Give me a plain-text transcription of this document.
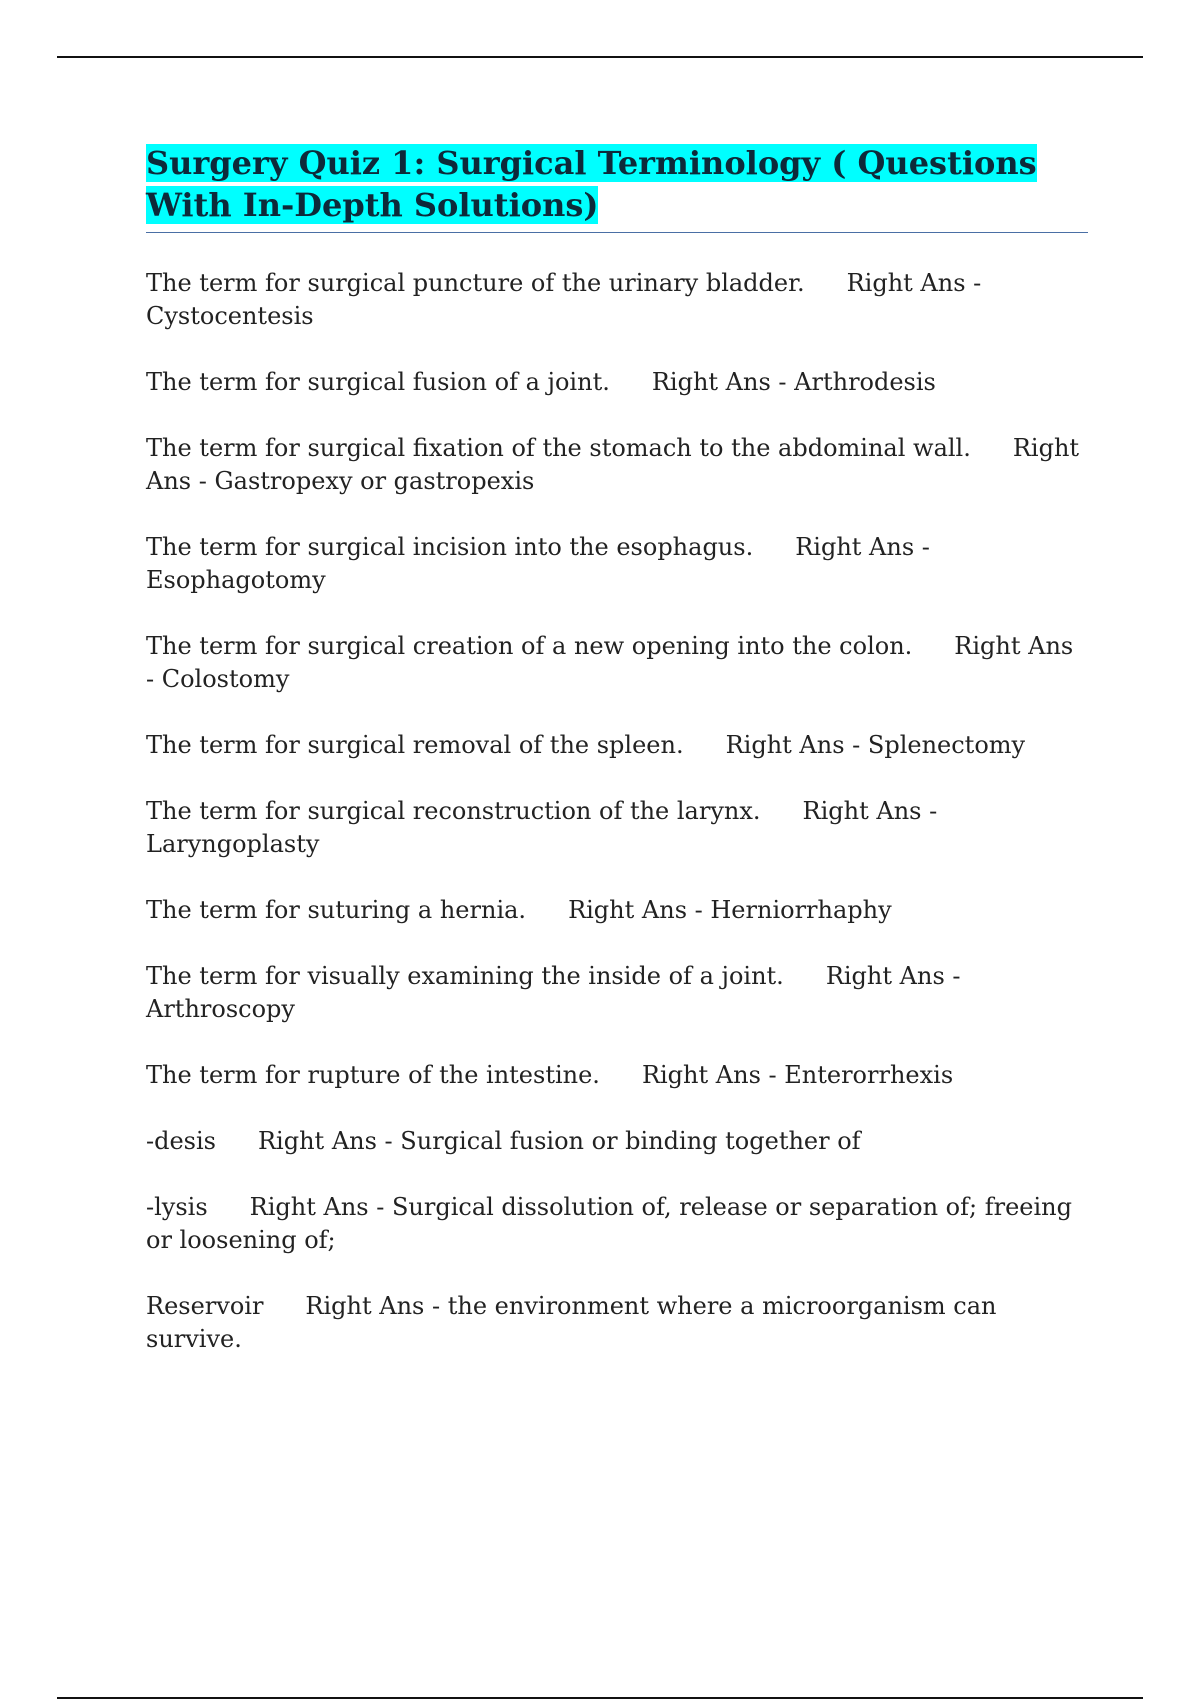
Surgery Quiz 1: Surgical Terminology ( Questions With In-Depth Solutions)
The term for surgical puncture of the urinary bladder. Right Ans - Cystocentesis
The term for surgical fusion of a joint. Right Ans - Arthrodesis
The term for surgical fixation of the stomach to the abdominal wall. Right Ans - Gastropexy or gastropexis
The term for surgical incision into the esophagus. Right Ans - Esophagotomy
The term for surgical creation of a new opening into the colon. Right Ans - Colostomy
The term for surgical removal of the spleen. Right Ans - Splenectomy
The term for surgical reconstruction of the larynx. Right Ans - Laryngoplasty
The term for suturing a hernia. Right Ans - Herniorrhaphy
The term for visually examining the inside of a joint. Right Ans - Arthroscopy
The term for rupture of the intestine. Right Ans - Enterorrhexis
-desis Right Ans - Surgical fusion or binding together of
-lysis Right Ans - Surgical dissolution of, release or separation of; freeing or loosening of;
Reservoir Right Ans - the environment where a microorganism can survive.
